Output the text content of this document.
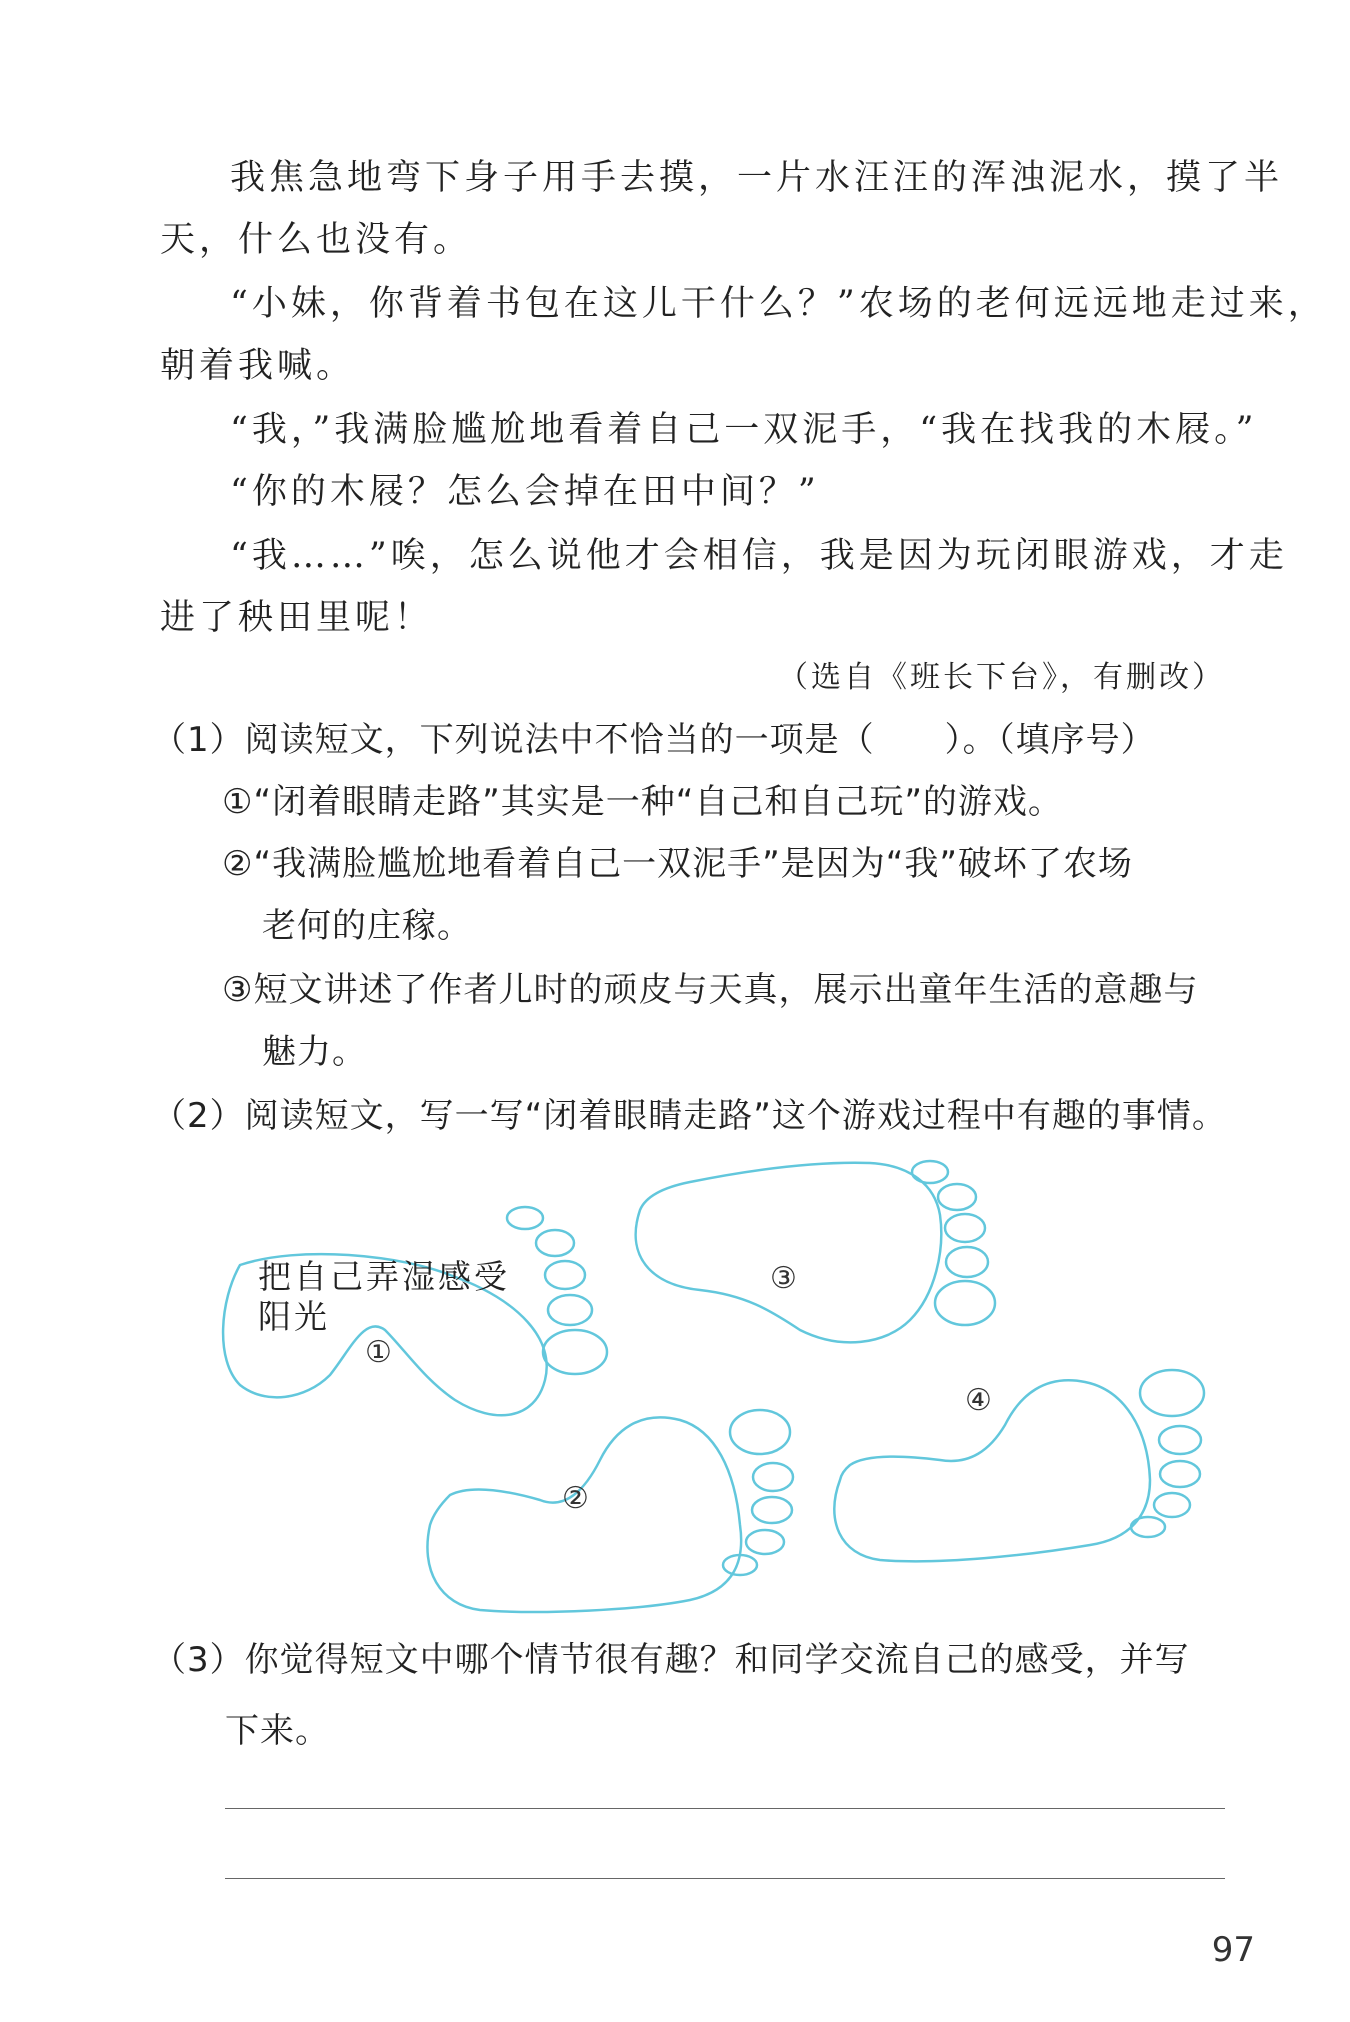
我焦急地弯下身子用手去摸，一片水汪汪的浑浊泥水，摸了半
天，什么也没有。
“小妹，你背着书包在这儿干什么？”农场的老何远远地走过来，
朝着我喊。
“我，”我满脸尴尬地看着自己一双泥手，“我在找我的木屐。”
“你的木屐？怎么会掉在田中间？”
“我……”唉，怎么说他才会相信，我是因为玩闭眼游戏，才走
进了秧田里呢！
（选自《班长下台》，有删改）
（1）阅读短文，下列说法中不恰当的一项是（ ）。（填序号）
①“闭着眼睛走路”其实是一种“自己和自己玩”的游戏。
②“我满脸尴尬地看着自己一双泥手”是因为“我”破坏了农场
老何的庄稼。
③短文讲述了作者儿时的顽皮与天真，展示出童年生活的意趣与
魅力。
（2）阅读短文，写一写“闭着眼睛走路”这个游戏过程中有趣的事情。
①
②
③
④
把自己弄湿感受
阳光
（3）你觉得短文中哪个情节很有趣？和同学交流自己的感受，并写
下来。
97
